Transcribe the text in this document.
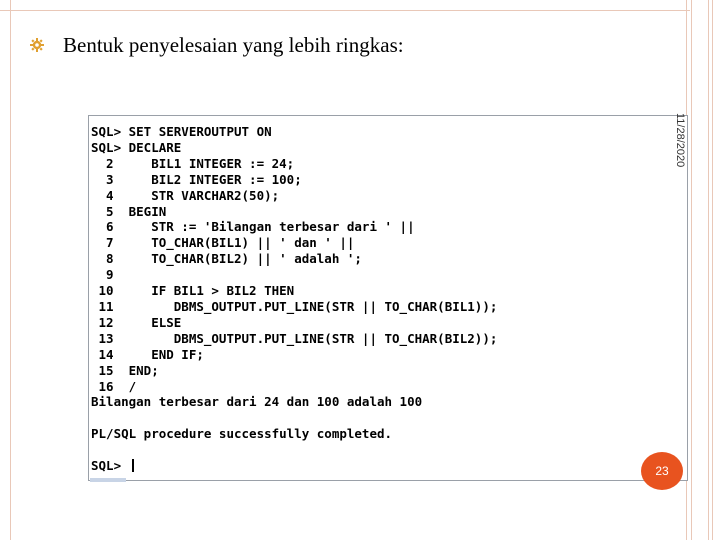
Bentuk penyelesaian yang lebih ringkas:
SQL> SET SERVEROUTPUT ON
SQL> DECLARE
2     BIL1 INTEGER := 24;
3     BIL2 INTEGER := 100;
4     STR VARCHAR2(50);
5  BEGIN
6     STR := 'Bilangan terbesar dari ' ||
7     TO_CHAR(BIL1) || ' dan ' ||
8     TO_CHAR(BIL2) || ' adalah ';
9
10     IF BIL1 > BIL2 THEN
11        DBMS_OUTPUT.PUT_LINE(STR || TO_CHAR(BIL1));
12     ELSE
13        DBMS_OUTPUT.PUT_LINE(STR || TO_CHAR(BIL2));
14     END IF;
15  END;
16  /
Bilangan terbesar dari 24 dan 100 adalah 100

PL/SQL procedure successfully completed.

SQL>
11/28/2020
23
